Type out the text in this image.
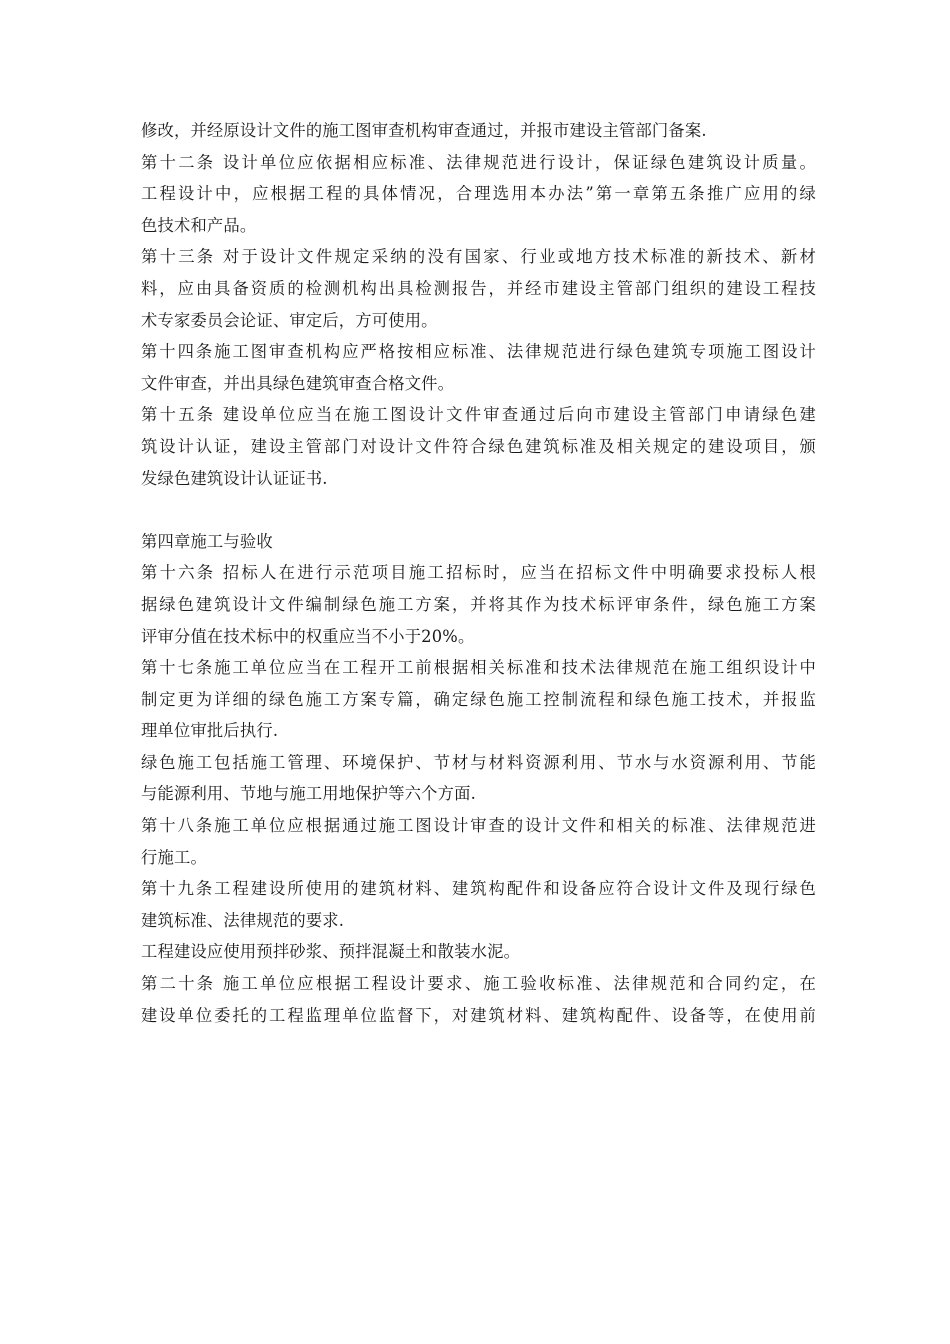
修改，并经原设计文件的施工图审查机构审查通过，并报市建设主管部门备案.
第十二条 设计单位应依据相应标准、法律规范进行设计，保证绿色建筑设计质量。
工程设计中，应根据工程的具体情况，合理选用本办法”第一章第五条推广应用的绿
色技术和产品。
第十三条 对于设计文件规定采纳的没有国家、行业或地方技术标准的新技术、新材
料，应由具备资质的检测机构出具检测报告，并经市建设主管部门组织的建设工程技
术专家委员会论证、审定后，方可使用。
第十四条施工图审查机构应严格按相应标准、法律规范进行绿色建筑专项施工图设计
文件审查，并出具绿色建筑审查合格文件。
第十五条 建设单位应当在施工图设计文件审查通过后向市建设主管部门申请绿色建
筑设计认证，建设主管部门对设计文件符合绿色建筑标准及相关规定的建设项目，颁
发绿色建筑设计认证证书.
第四章施工与验收
第十六条 招标人在进行示范项目施工招标时，应当在招标文件中明确要求投标人根
据绿色建筑设计文件编制绿色施工方案，并将其作为技术标评审条件，绿色施工方案
评审分值在技术标中的权重应当不小于20%。
第十七条施工单位应当在工程开工前根据相关标准和技术法律规范在施工组织设计中
制定更为详细的绿色施工方案专篇，确定绿色施工控制流程和绿色施工技术，并报监
理单位审批后执行.
绿色施工包括施工管理、环境保护、节材与材料资源利用、节水与水资源利用、节能
与能源利用、节地与施工用地保护等六个方面.
第十八条施工单位应根据通过施工图设计审查的设计文件和相关的标准、法律规范进
行施工。
第十九条工程建设所使用的建筑材料、建筑构配件和设备应符合设计文件及现行绿色
建筑标准、法律规范的要求.
工程建设应使用预拌砂浆、预拌混凝土和散装水泥。
第二十条 施工单位应根据工程设计要求、施工验收标准、法律规范和合同约定，在
建设单位委托的工程监理单位监督下，对建筑材料、建筑构配件、设备等，在使用前
